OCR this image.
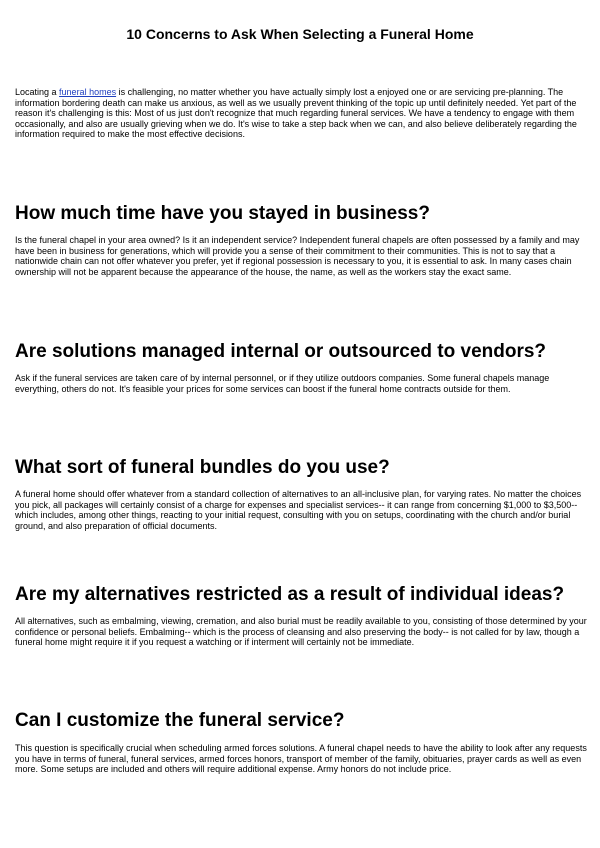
10 Concerns to Ask When Selecting a Funeral Home

Locating a funeral homes is challenging, no matter whether you have actually simply lost a enjoyed one or are servicing pre-planning. The information bordering death can make us anxious, as well as we usually prevent thinking of the topic up until definitely needed. Yet part of the reason it's challenging is this: Most of us just don't recognize that much regarding funeral services. We have a tendency to engage with them occasionally, and also are usually grieving when we do. It's wise to take a step back when we can, and also believe deliberately regarding the information required to make the most effective decisions.

How much time have you stayed in business?

Is the funeral chapel in your area owned? Is it an independent service? Independent funeral chapels are often possessed by a family and may have been in business for generations, which will provide you a sense of their commitment to their communities. This is not to say that a nationwide chain can not offer whatever you prefer, yet if regional possession is necessary to you, it is essential to ask. In many cases chain ownership will not be apparent because the appearance of the house, the name, as well as the workers stay the exact same.

Are solutions managed internal or outsourced to vendors?

Ask if the funeral services are taken care of by internal personnel, or if they utilize outdoors companies. Some funeral chapels manage everything, others do not. It's feasible your prices for some services can boost if the funeral home contracts outside for them.

What sort of funeral bundles do you use?

A funeral home should offer whatever from a standard collection of alternatives to an all-inclusive plan, for varying rates. No matter the choices you pick, all packages will certainly consist of a charge for expenses and specialist services-- it can range from concerning $1,000 to $3,500-- which includes, among other things, reacting to your initial request, consulting with you on setups, coordinating with the church and/or burial ground, and also preparation of official documents.

Are my alternatives restricted as a result of individual ideas?

All alternatives, such as embalming, viewing, cremation, and also burial must be readily available to you, consisting of those determined by your confidence or personal beliefs. Embalming-- which is the process of cleansing and also preserving the body-- is not called for by law, though a funeral home might require it if you request a watching or if interment will certainly not be immediate.

Can I customize the funeral service?

This question is specifically crucial when scheduling armed forces solutions. A funeral chapel needs to have the ability to look after any requests you have in terms of funeral, funeral services, armed forces honors, transport of member of the family, obituaries, prayer cards as well as even more. Some setups are included and others will require additional expense. Army honors do not include price.
